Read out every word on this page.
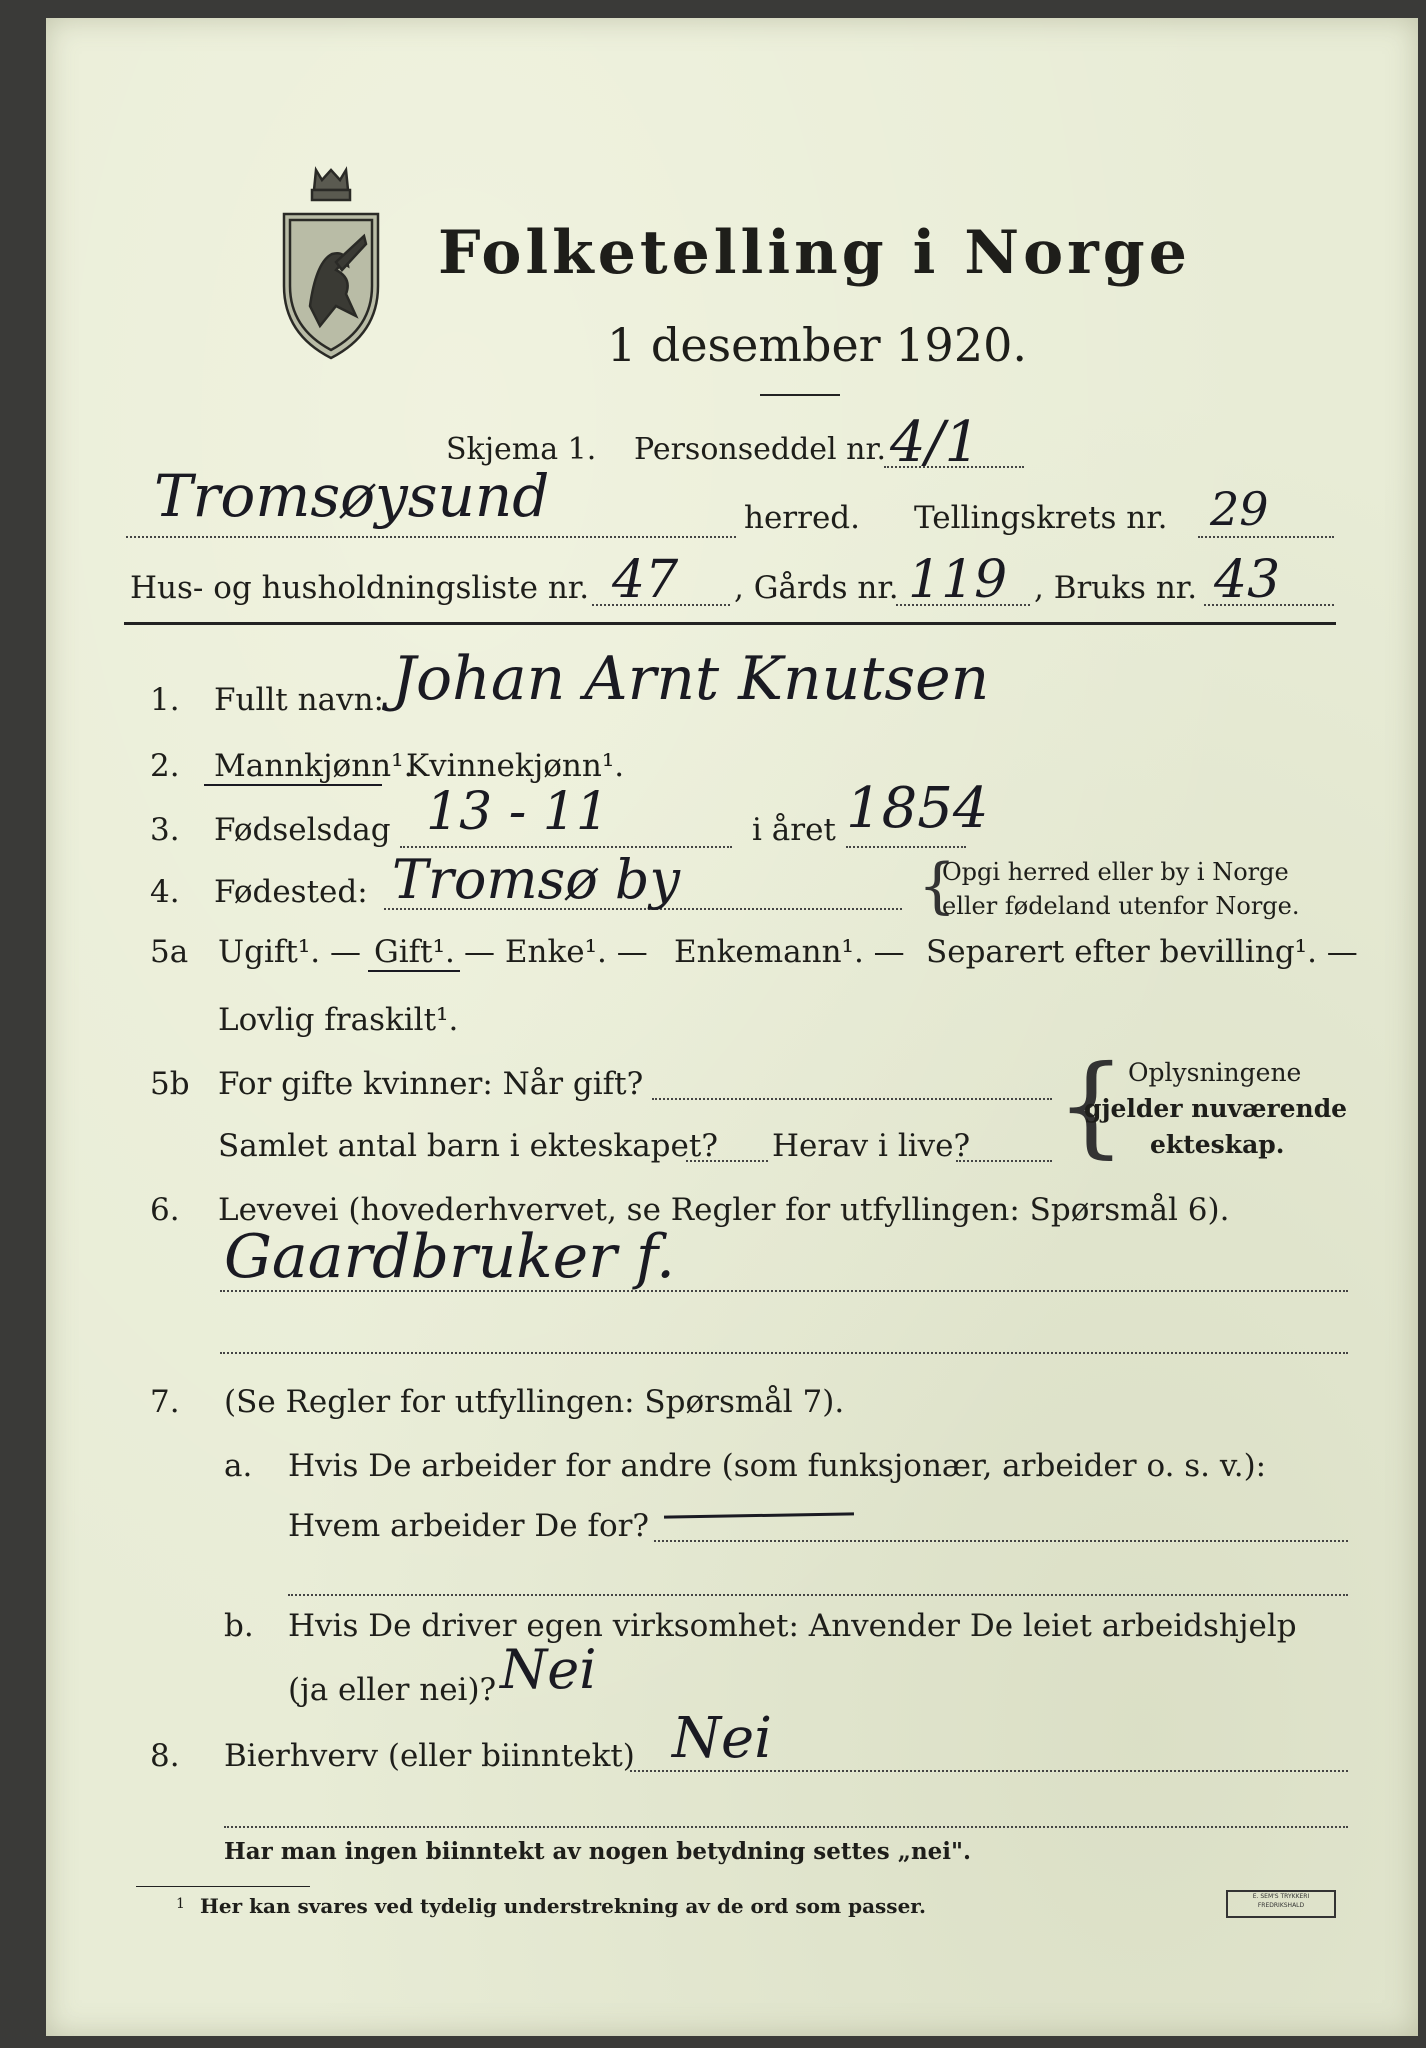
Folketelling i Norge
1 desember 1920.
Skjema 1. Personseddel nr. 4/1
Tromsøysund	herred. Tellingskrets nr. 29
Hus- og husholdningsliste nr. 47 , Gårds nr. 119 , Bruks nr. 43
1. Fullt navn: Johan Arnt Knutsen
2. Mannkjønn¹.
Kvinnekjønn¹.
3. Fødselsdag 13 - 11	i året 1854
4. Fødested: Tromsø by	{
Opgi herred eller by i Norge
eller fødeland utenfor Norge.
5a Ugift¹. — Gift¹. — Enke¹. — Enkemann¹. — Separert efter bevilling¹. —
Lovlig fraskilt¹.
5b For gifte kvinner: Når gift?
Samlet antal barn i ekteskapet? Herav i live? { Oplysningene
gjelder nuværende
ekteskap.
6. Levevei (hovederhvervet, se Regler for utfyllingen: Spørsmål 6).
Gaardbruker f.
7. (Se Regler for utfyllingen: Spørsmål 7).
a. Hvis De arbeider for andre (som funksjonær, arbeider o. s. v.):
Hvem arbeider De for?
b. Hvis De driver egen virksomhet: Anvender De leiet arbeidshjelp
(ja eller nei)? Nei
8. Bierhverv (eller biinntekt) Nei
Har man ingen biinntekt av nogen betydning settes „nei".
1 Her kan svares ved tydelig understrekning av de ord som passer.	E. SEM'S TRYKKERI
FREDRIKSHALD
